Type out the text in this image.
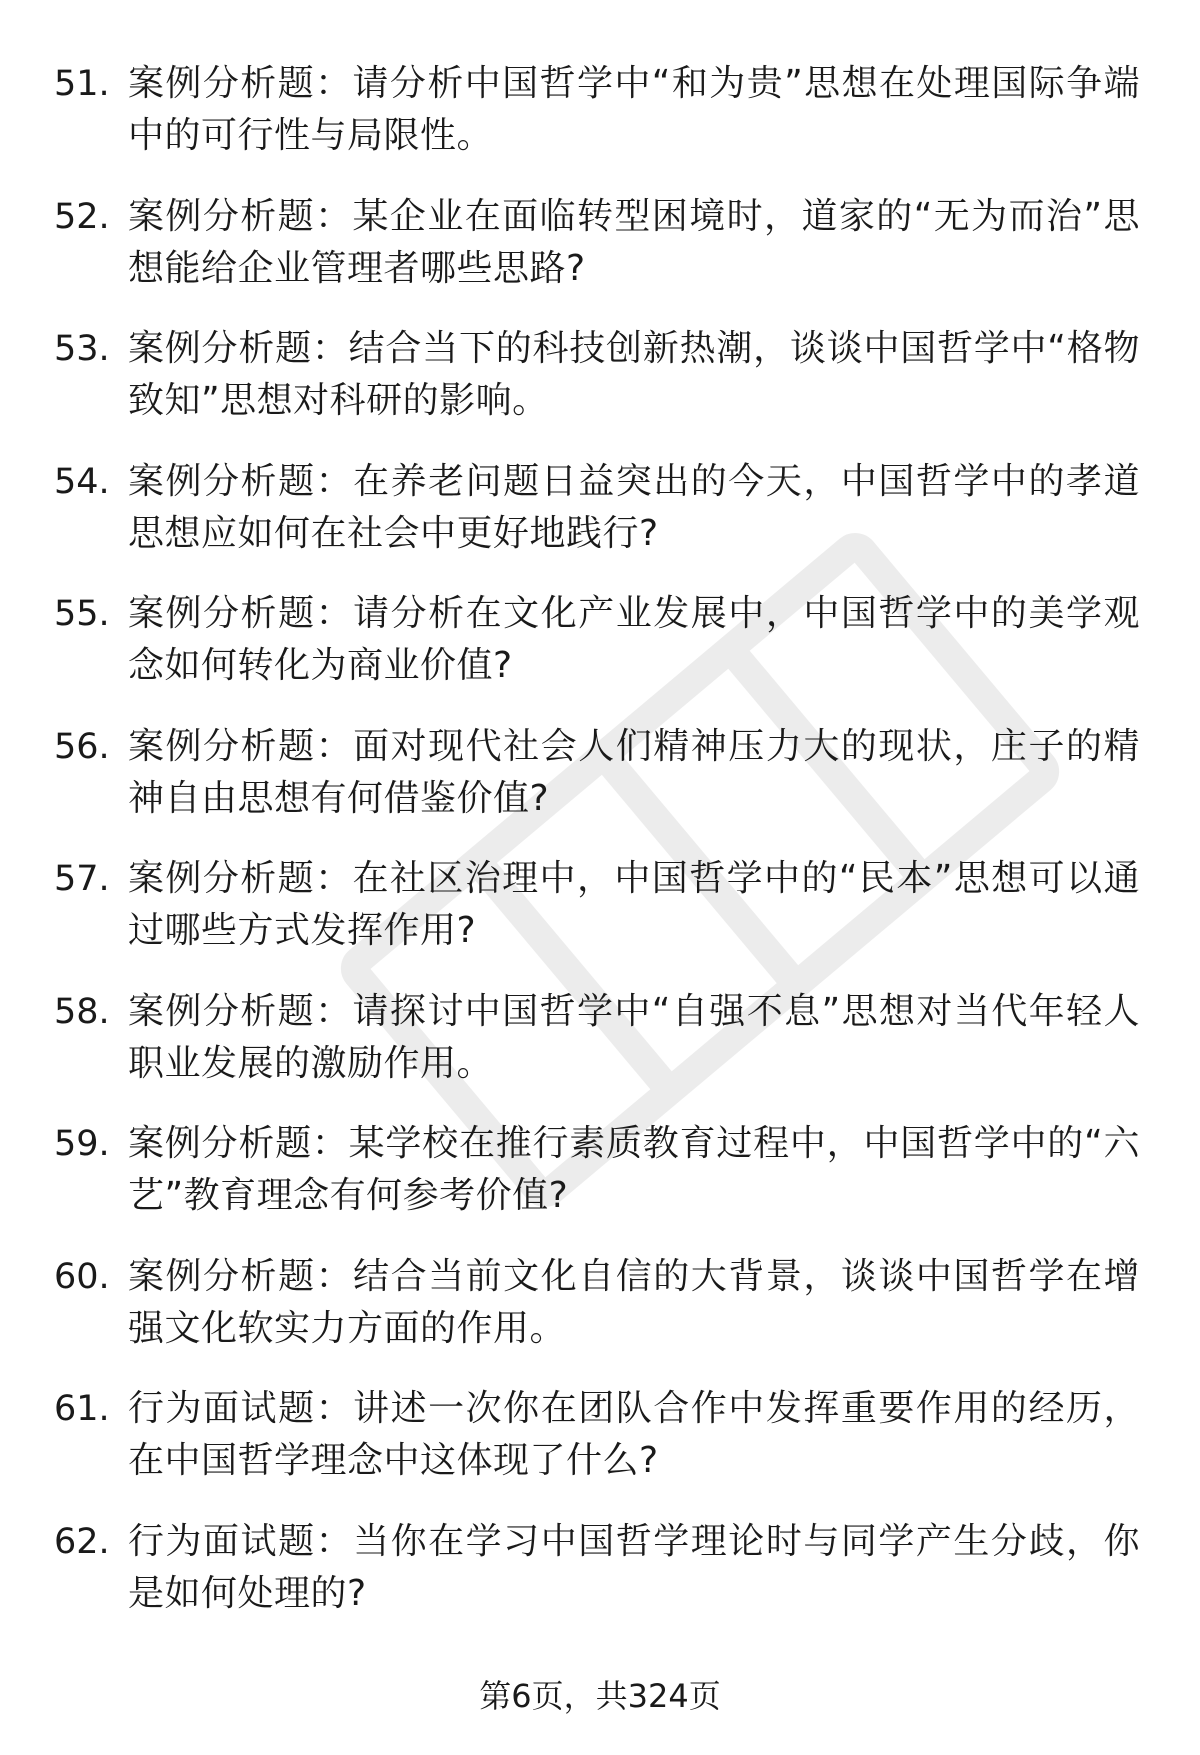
51. 案例分析题：请分析中国哲学中“和为贵”思想在处理国际争端中的可行性与局限性。
52. 案例分析题：某企业在面临转型困境时，道家的“无为而治”思想能给企业管理者哪些思路?
53. 案例分析题：结合当下的科技创新热潮，谈谈中国哲学中“格物致知”思想对科研的影响。
54. 案例分析题：在养老问题日益突出的今天，中国哲学中的孝道思想应如何在社会中更好地践行?
55. 案例分析题：请分析在文化产业发展中，中国哲学中的美学观念如何转化为商业价值?
56. 案例分析题：面对现代社会人们精神压力大的现状，庄子的精神自由思想有何借鉴价值?
57. 案例分析题：在社区治理中，中国哲学中的“民本”思想可以通过哪些方式发挥作用?
58. 案例分析题：请探讨中国哲学中“自强不息”思想对当代年轻人职业发展的激励作用。
59. 案例分析题：某学校在推行素质教育过程中，中国哲学中的“六艺”教育理念有何参考价值?
60. 案例分析题：结合当前文化自信的大背景，谈谈中国哲学在增强文化软实力方面的作用。
61. 行为面试题：讲述一次你在团队合作中发挥重要作用的经历，在中国哲学理念中这体现了什么?
62. 行为面试题：当你在学习中国哲学理论时与同学产生分歧，你是如何处理的?
第6页，共324页
